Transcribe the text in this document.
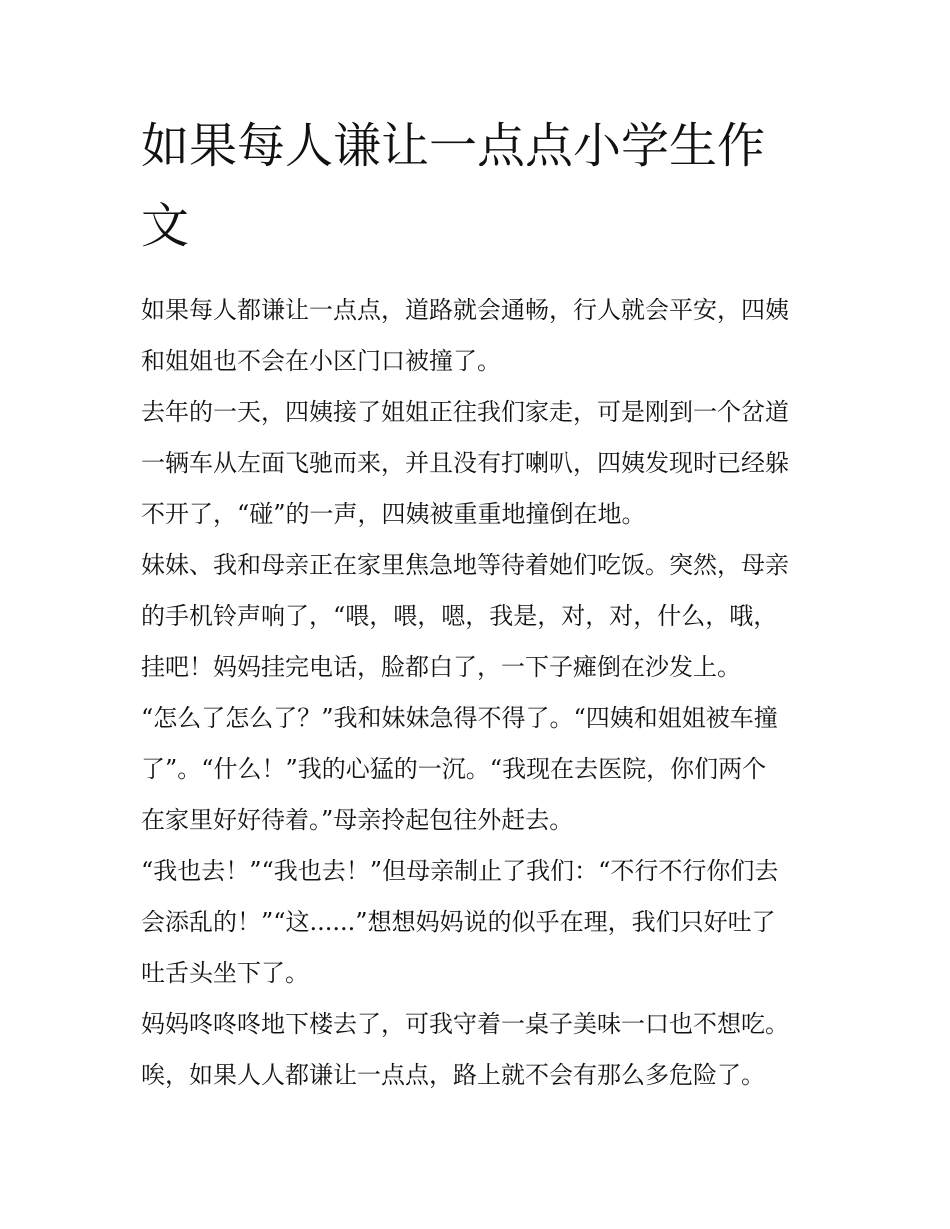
如果每人谦让一点点小学生作
文
如果每人都谦让一点点，道路就会通畅，行人就会平安，四姨
和姐姐也不会在小区门口被撞了。
去年的一天，四姨接了姐姐正往我们家走，可是刚到一个岔道
一辆车从左面飞驰而来，并且没有打喇叭，四姨发现时已经躲
不开了，“碰”的一声，四姨被重重地撞倒在地。
妹妹、我和母亲正在家里焦急地等待着她们吃饭。突然，母亲
的手机铃声响了，“喂，喂，嗯，我是，对，对，什么，哦，
挂吧！妈妈挂完电话，脸都白了，一下子瘫倒在沙发上。
“怎么了怎么了？”我和妹妹急得不得了。“四姨和姐姐被车撞
了”。“什么！”我的心猛的一沉。“我现在去医院，你们两个
在家里好好待着。”母亲拎起包往外赶去。
“我也去！”“我也去！”但母亲制止了我们：“不行不行你们去
会添乱的！”“这......”想想妈妈说的似乎在理，我们只好吐了
吐舌头坐下了。
妈妈咚咚咚地下楼去了，可我守着一桌子美味一口也不想吃。
唉，如果人人都谦让一点点，路上就不会有那么多危险了。
